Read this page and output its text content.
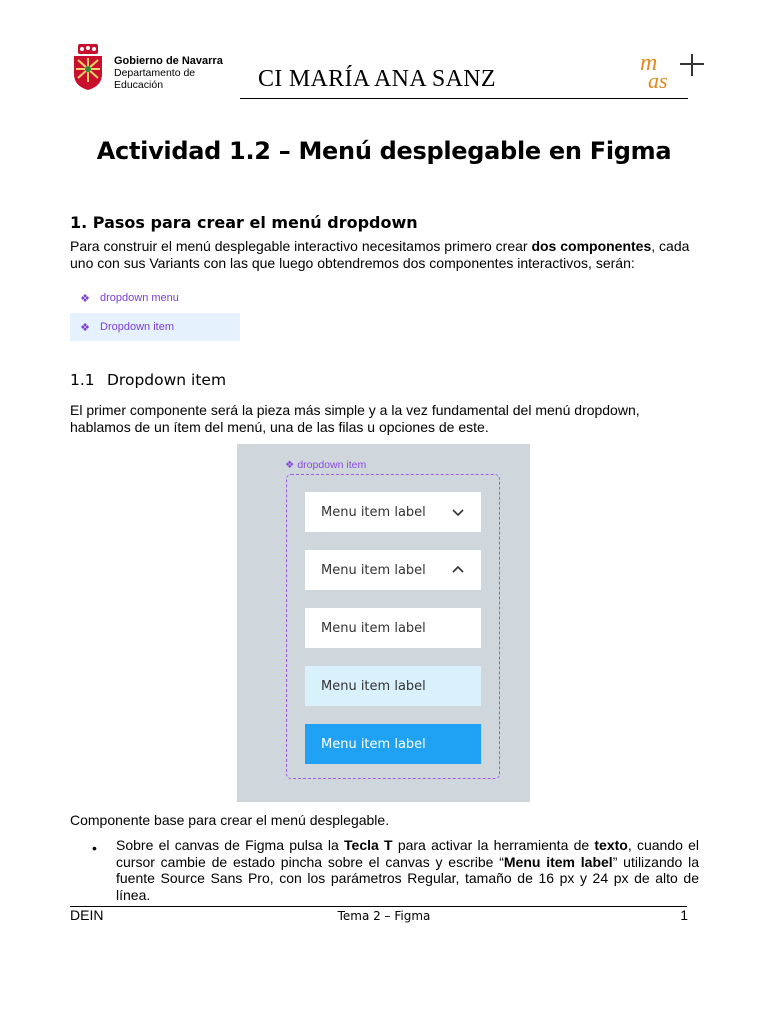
Gobierno de Navarra
Departamento de
Educación	CI MARÍA ANA SANZ
m
as
Actividad 1.2 – Menú desplegable en Figma
1. Pasos para crear el menú dropdown
Para construir el menú desplegable interactivo necesitamos primero crear dos componentes, cada uno con sus Variants con las que luego obtendremos dos componentes interactivos, serán:
❖ dropdown menu
❖ Dropdown item
1.1 Dropdown item
El primer componente será la pieza más simple y a la vez fundamental del menú dropdown, hablamos de un ítem del menú, una de las filas u opciones de este.
❖ dropdown item
Menu item label
Menu item label
Menu item label
Menu item label
Menu item label
Componente base para crear el menú desplegable.
• Sobre el canvas de Figma pulsa la Tecla T para activar la herramienta de texto, cuando el cursor cambie de estado pincha sobre el canvas y escribe “Menu item label” utilizando la fuente Source Sans Pro, con los parámetros Regular, tamaño de 16 px y 24 px de alto de línea.
DEIN	Tema 2 – Figma	1
